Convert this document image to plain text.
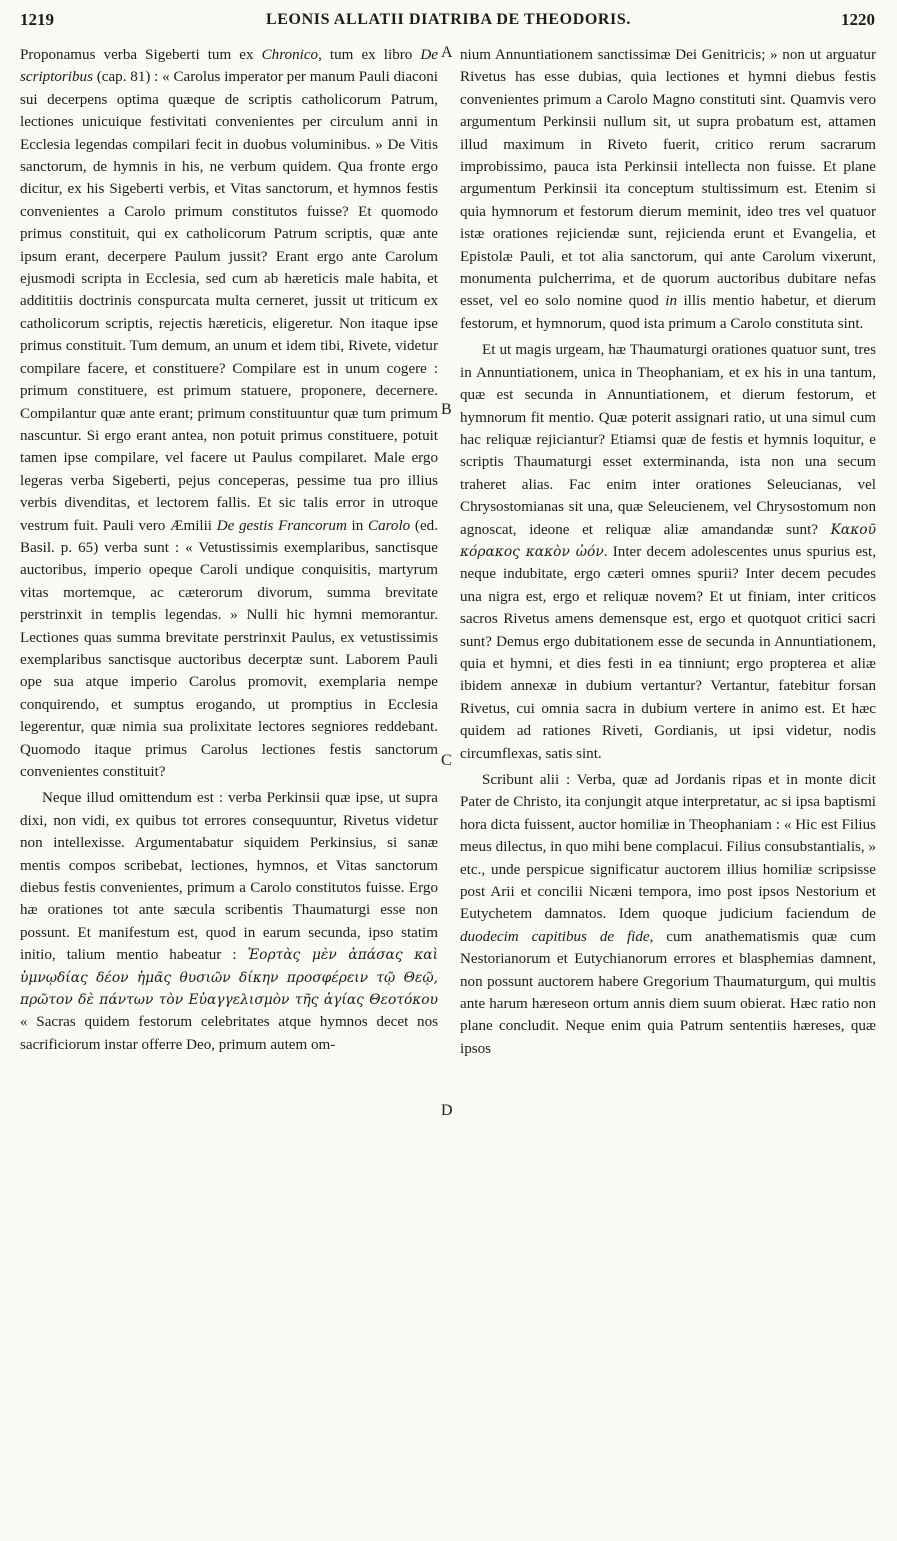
1219	LEONIS ALLATII DIATRIBA DE THEODORIS.	1220
A
B
C
D

Proponamus verba Sigeberti tum ex Chronico, tum ex libro De scriptoribus (cap. 81) : « Carolus imperator per manum Pauli diaconi sui decerpens optima quæque de scriptis catholicorum Patrum, lectiones unicuique festivitati convenientes per circulum anni in Ecclesia legendas compilari fecit in duobus voluminibus. » De Vitis sanctorum, de hymnis in his, ne verbum quidem. Qua fronte ergo dicitur, ex his Sigeberti verbis, et Vitas sanctorum, et hymnos festis convenientes a Carolo primum constitutos fuisse? Et quomodo primus constituit, qui ex catholicorum Patrum scriptis, quæ ante ipsum erant, decerpere Paulum jussit? Erant ergo ante Carolum ejusmodi scripta in Ecclesia, sed cum ab hæreticis male habita, et addititiis doctrinis conspurcata multa cerneret, jussit ut triticum ex catholicorum scriptis, rejectis hæreticis, eligeretur. Non itaque ipse primus constituit. Tum demum, an unum et idem tibi, Rivete, videtur compilare facere, et constituere? Compilare est in unum cogere : primum constituere, est primum statuere, proponere, decernere. Compilantur quæ ante erant; primum constituuntur quæ tum primum nascuntur. Si ergo erant antea, non potuit primus constituere, potuit tamen ipse compilare, vel facere ut Paulus compilaret. Male ergo legeras verba Sigeberti, pejus conceperas, pessime tua pro illius verbis divenditas, et lectorem fallis. Et sic talis error in utroque vestrum fuit. Pauli vero Æmilii De gestis Francorum in Carolo (ed. Basil. p. 65) verba sunt : « Vetustissimis exemplaribus, sanctisque auctoribus, imperio opeque Caroli undique conquisitis, martyrum vitas mortemque, ac cæterorum divorum, summa brevitate perstrinxit in templis legendas. » Nulli hic hymni memorantur. Lectiones quas summa brevitate perstrinxit Paulus, ex vetustissimis exemplaribus sanctisque auctoribus decerptæ sunt. Laborem Pauli ope sua atque imperio Carolus promovit, exemplaria nempe conquirendo, et sumptus erogando, ut promptius in Ecclesia legerentur, quæ nimia sua prolixitate lectores segniores reddebant. Quomodo itaque primus Carolus lectiones festis sanctorum convenientes constituit?

Neque illud omittendum est : verba Perkinsii quæ ipse, ut supra dixi, non vidi, ex quibus tot errores consequuntur, Rivetus videtur non intellexisse. Argumentabatur siquidem Perkinsius, si sanæ mentis compos scribebat, lectiones, hymnos, et Vitas sanctorum diebus festis convenientes, primum a Carolo constitutos fuisse. Ergo hæ orationes tot ante sæcula scribentis Thaumaturgi esse non possunt. Et manifestum est, quod in earum secunda, ipso statim initio, talium mentio habeatur : Ἑορτὰς μὲν ἁπάσας καὶ ὑμνῳδίας δέον ἡμᾶς θυσιῶν δίκην προσφέρειν τῷ Θεῷ, πρῶτον δὲ πάντων τὸν Εὐαγγελισμὸν τῆς ἁγίας Θεοτόκου « Sacras quidem festorum celebritates atque hymnos decet nos sacrificiorum instar offerre Deo, primum autem om-

nium Annuntiationem sanctissimæ Dei Genitricis; » non ut arguatur Rivetus has esse dubias, quia lectiones et hymni diebus festis convenientes primum a Carolo Magno constituti sint. Quamvis vero argumentum Perkinsii nullum sit, ut supra probatum est, attamen illud maximum in Riveto fuerit, critico rerum sacrarum improbissimo, pauca ista Perkinsii intellecta non fuisse. Et plane argumentum Perkinsii ita conceptum stultissimum est. Etenim si quia hymnorum et festorum dierum meminit, ideo tres vel quatuor istæ orationes rejiciendæ sunt, rejicienda erunt et Evangelia, et Epistolæ Pauli, et tot alia sanctorum, qui ante Carolum vixerunt, monumenta pulcherrima, et de quorum auctoribus dubitare nefas esset, vel eo solo nomine quod in illis mentio habetur, et dierum festorum, et hymnorum, quod ista primum a Carolo constituta sint.

Et ut magis urgeam, hæ Thaumaturgi orationes quatuor sunt, tres in Annuntiationem, unica in Theophaniam, et ex his in una tantum, quæ est secunda in Annuntiationem, et dierum festorum, et hymnorum fit mentio. Quæ poterit assignari ratio, ut una simul cum hac reliquæ rejiciantur? Etiamsi quæ de festis et hymnis loquitur, e scriptis Thaumaturgi esset exterminanda, ista non una secum traheret alias. Fac enim inter orationes Seleucianas, vel Chrysostomianas sit una, quæ Seleucienem, vel Chrysostomum non agnoscat, ideone et reliquæ aliæ amandandæ sunt? Κακοῦ κόρακος κακὸν ὠόν. Inter decem adolescentes unus spurius est, neque indubitate, ergo cæteri omnes spurii? Inter decem pecudes una nigra est, ergo et reliquæ novem? Et ut finiam, inter criticos sacros Rivetus amens demensque est, ergo et quotquot critici sacri sunt? Demus ergo dubitationem esse de secunda in Annuntiationem, quia et hymni, et dies festi in ea tinniunt; ergo propterea et aliæ ibidem annexæ in dubium vertantur? Vertantur, fatebitur forsan Rivetus, cui omnia sacra in dubium vertere in animo est. Et hæc quidem ad rationes Riveti, Gordianis, ut ipsi videtur, nodis circumflexas, satis sint.

Scribunt alii : Verba, quæ ad Jordanis ripas et in monte dicit Pater de Christo, ita conjungit atque interpretatur, ac si ipsa baptismi hora dicta fuissent, auctor homiliæ in Theophaniam : « Hic est Filius meus dilectus, in quo mihi bene complacui. Filius consubstantialis, » etc., unde perspicue significatur auctorem illius homiliæ scripsisse post Arii et concilii Nicæni tempora, imo post ipsos Nestorium et Eutychetem damnatos. Idem quoque judicium faciendum de duodecim capitibus de fide, cum anathematismis quæ cum Nestorianorum et Eutychianorum errores et blasphemias damnent, non possunt auctorem habere Gregorium Thaumaturgum, qui multis ante harum hæreseon ortum annis diem suum obierat. Hæc ratio non plane concludit. Neque enim quia Patrum sententiis hæreses, quæ ipsos
